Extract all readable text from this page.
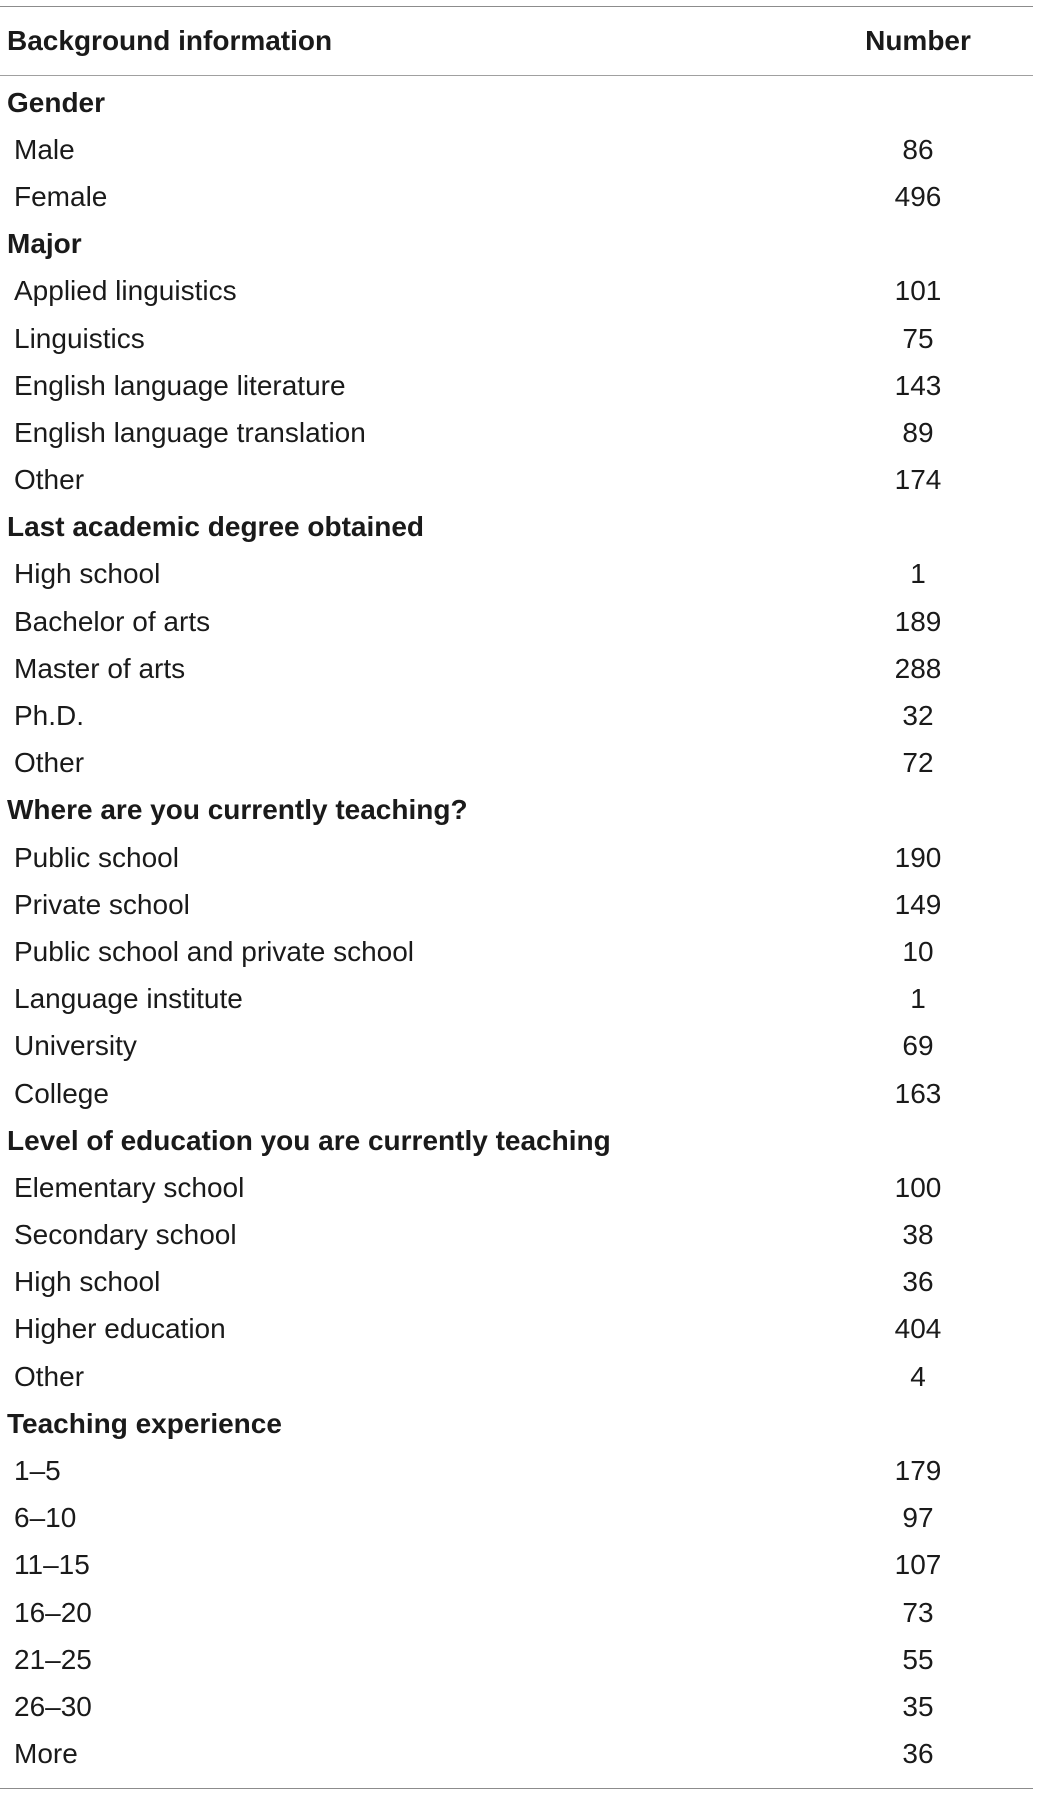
Background information	Number
Gender
Male	86
Female	496
Major
Applied linguistics	101
Linguistics	75
English language literature	143
English language translation	89
Other	174
Last academic degree obtained
High school	1
Bachelor of arts	189
Master of arts	288
Ph.D.	32
Other	72
Where are you currently teaching?
Public school	190
Private school	149
Public school and private school	10
Language institute	1
University	69
College	163
Level of education you are currently teaching
Elementary school	100
Secondary school	38
High school	36
Higher education	404
Other	4
Teaching experience
1–5	179
6–10	97
11–15	107
16–20	73
21–25	55
26–30	35
More	36
